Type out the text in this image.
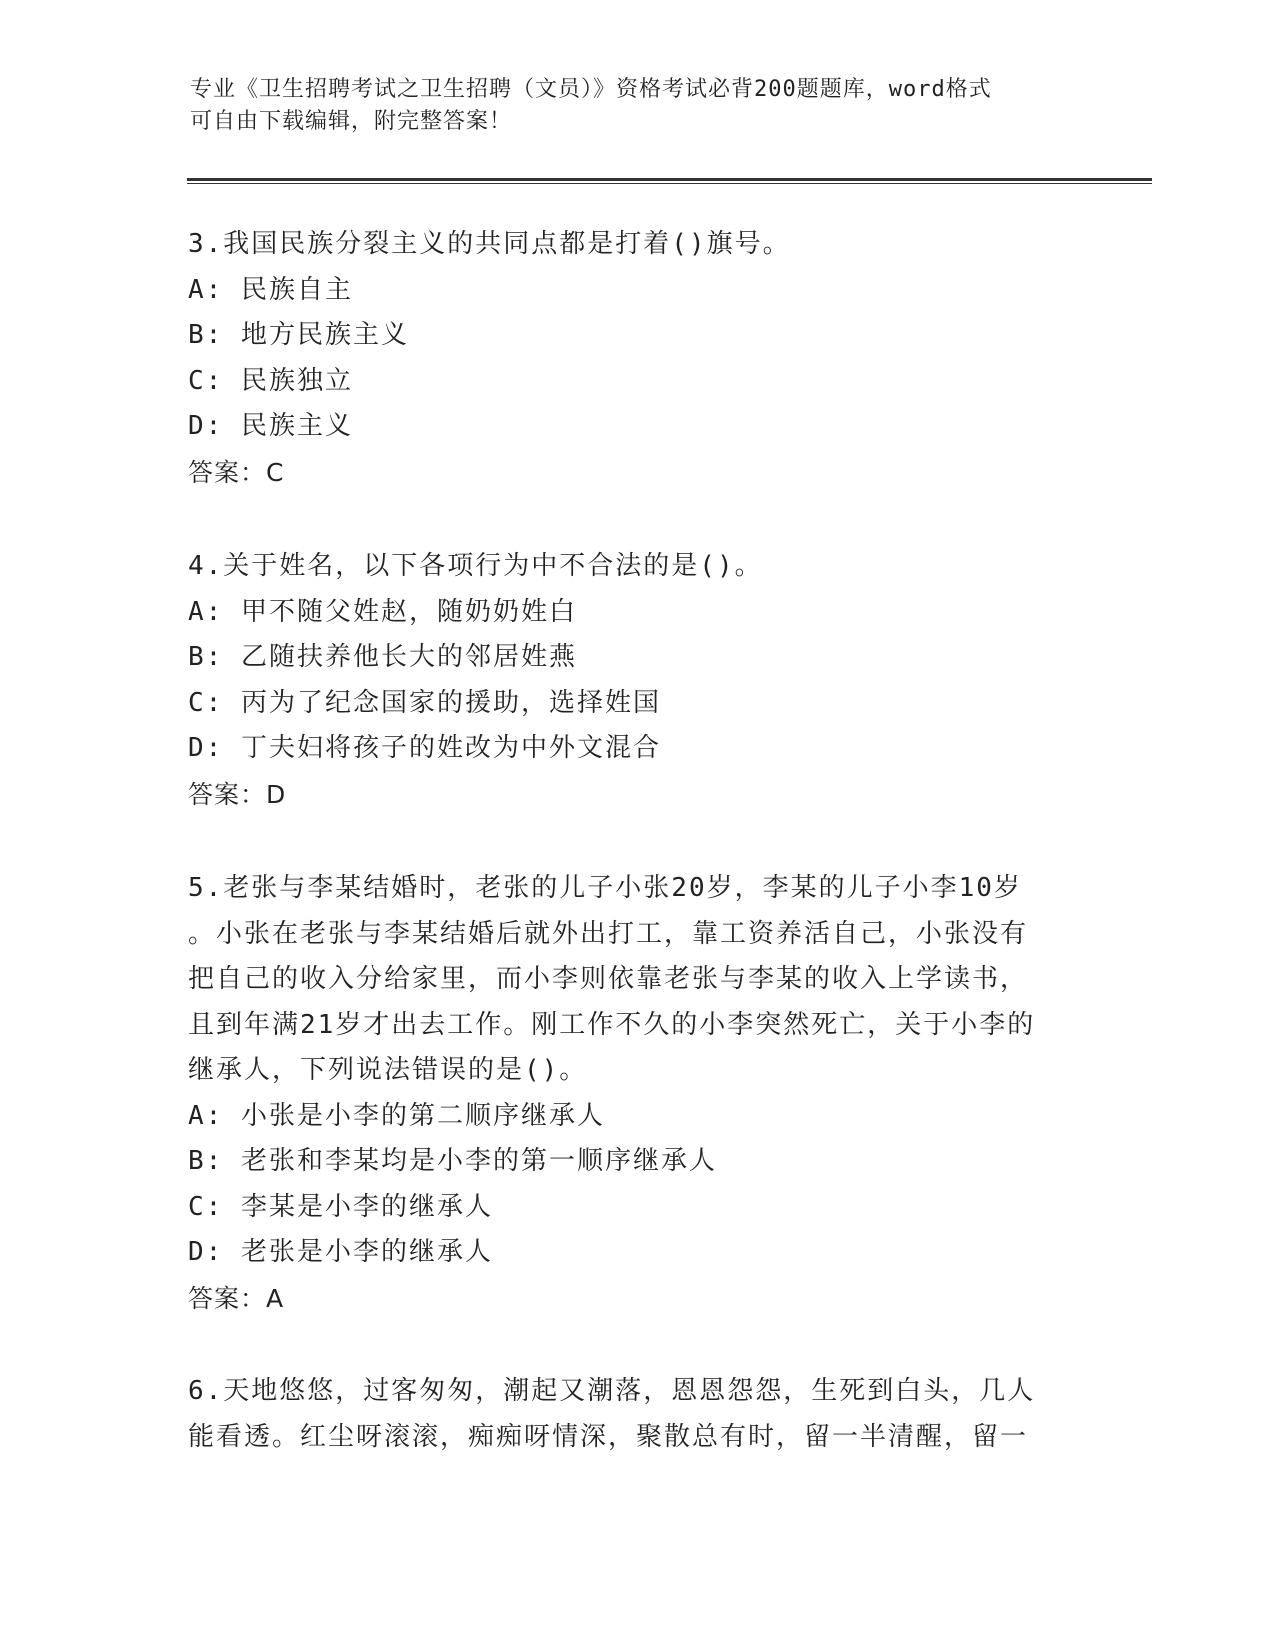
专业《卫生招聘考试之卫生招聘（文员）》资格考试必背200题题库，word格式
可自由下载编辑，附完整答案！

3.我国民族分裂主义的共同点都是打着()旗号。

A: 民族自主

B: 地方民族主义

C: 民族独立

D: 民族主义

答案：C

4.关于姓名，以下各项行为中不合法的是()。

A: 甲不随父姓赵，随奶奶姓白

B: 乙随扶养他长大的邻居姓燕

C: 丙为了纪念国家的援助，选择姓国

D: 丁夫妇将孩子的姓改为中外文混合

答案：D

5.老张与李某结婚时，老张的儿子小张20岁，李某的儿子小李10岁

。小张在老张与李某结婚后就外出打工，靠工资养活自己，小张没有

把自己的收入分给家里，而小李则依靠老张与李某的收入上学读书，

且到年满21岁才出去工作。刚工作不久的小李突然死亡，关于小李的

继承人，下列说法错误的是()。

A: 小张是小李的第二顺序继承人

B: 老张和李某均是小李的第一顺序继承人

C: 李某是小李的继承人

D: 老张是小李的继承人

答案：A

6.天地悠悠，过客匆匆，潮起又潮落，恩恩怨怨，生死到白头，几人

能看透。红尘呀滚滚，痴痴呀情深，聚散总有时，留一半清醒，留一
